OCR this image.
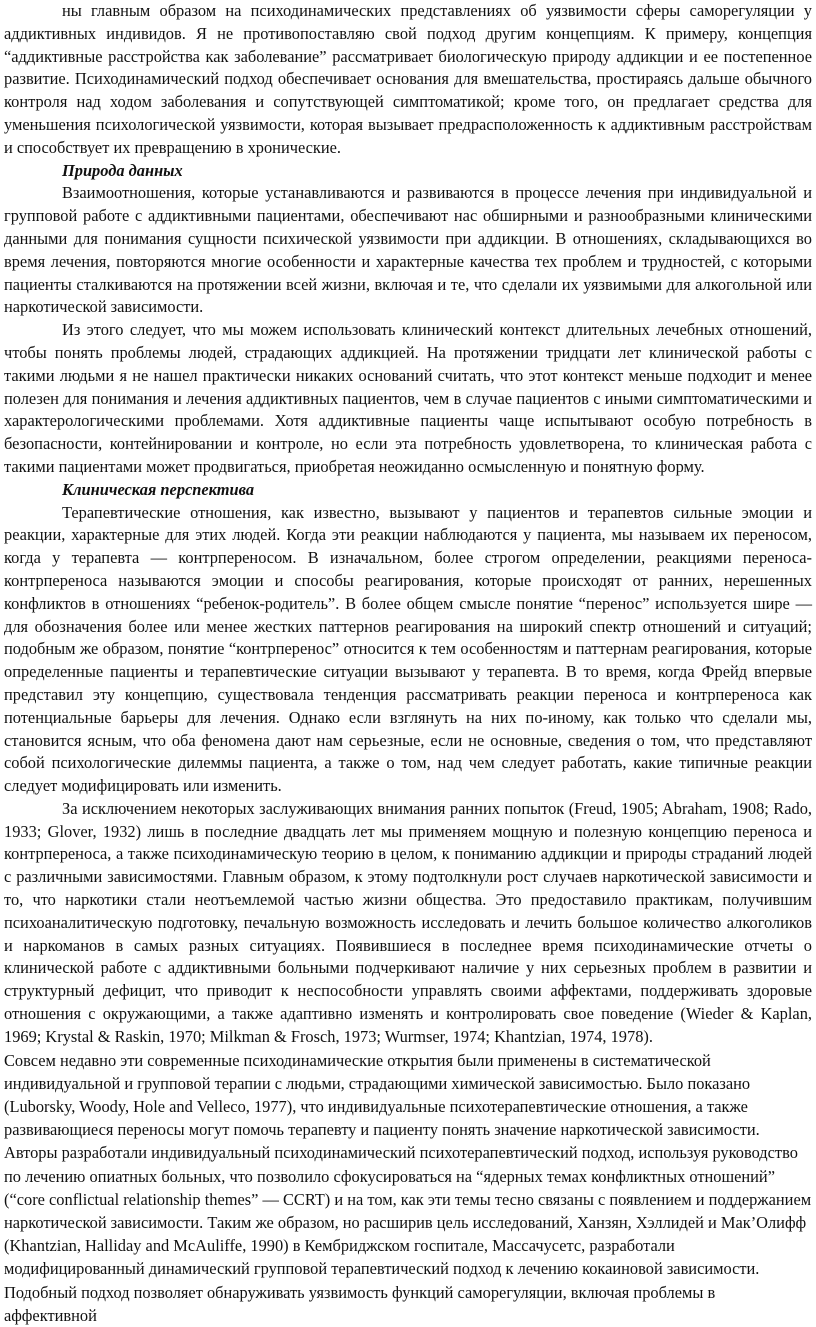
ны главным образом на психодинамических представлениях об уязвимости сферы саморегуляции у аддиктивных индивидов. Я не противопоставляю свой подход другим концепциям. К примеру, концепция “аддиктивные расстройства как заболевание” рассматривает биологическую природу аддикции и ее постепенное развитие. Психодинамический подход обеспечивает основания для вмешательства, простираясь дальше обычного контроля над ходом заболевания и сопутствующей симптоматикой; кроме того, он предлагает средства для уменьшения психологической уязвимости, которая вызывает предрасположенность к аддиктивным расстройствам и способствует их превращению в хронические.

Природа данных

Взаимоотношения, которые устанавливаются и развиваются в процессе лечения при индивидуальной и групповой работе с аддиктивными пациентами, обеспечивают нас обширными и разнообразными клиническими данными для понимания сущности психической уязвимости при аддикции. В отношениях, складывающихся во время лечения, повторяются многие особенности и характерные качества тех проблем и трудностей, с которыми пациенты сталкиваются на протяжении всей жизни, включая и те, что сделали их уязвимыми для алкогольной или наркотической зависимости.

Из этого следует, что мы можем использовать клинический контекст длительных лечебных отношений, чтобы понять проблемы людей, страдающих аддикцией. На протяжении тридцати лет клинической работы с такими людьми я не нашел практически никаких оснований считать, что этот контекст меньше подходит и менее полезен для понимания и лечения аддиктивных пациентов, чем в случае пациентов с иными симптоматическими и характерологическими проблемами. Хотя аддиктивные пациенты чаще испытывают особую потребность в безопасности, контейнировании и контроле, но если эта потребность удовлетворена, то клиническая работа с такими пациентами может продвигаться, приобретая неожиданно осмысленную и понятную форму.

Клиническая перспектива

Терапевтические отношения, как известно, вызывают у пациентов и терапевтов сильные эмоции и реакции, характерные для этих людей. Когда эти реакции наблюдаются у пациента, мы называем их переносом, когда у терапевта — контрпереносом. В изначальном, более строгом определении, реакциями переноса-контрпереноса называются эмоции и способы реагирования, которые происходят от ранних, нерешенных конфликтов в отношениях “ребенок-родитель”. В более общем смысле понятие “перенос” используется шире — для обозначения более или менее жестких паттернов реагирования на широкий спектр отношений и ситуаций; подобным же образом, понятие “контрперенос” относится к тем особенностям и паттернам реагирования, которые определенные пациенты и терапевтические ситуации вызывают у терапевта. В то время, когда Фрейд впервые представил эту концепцию, существовала тенденция рассматривать реакции переноса и контрпереноса как потенциальные барьеры для лечения. Однако если взглянуть на них по-иному, как только что сделали мы, становится ясным, что оба феномена дают нам серьезные, если не основные, сведения о том, что представляют собой психологические дилеммы пациента, а также о том, над чем следует работать, какие типичные реакции следует модифицировать или изменить.

За исключением некоторых заслуживающих внимания ранних попыток (Freud, 1905; Abraham, 1908; Rado, 1933; Glover, 1932) лишь в последние двадцать лет мы применяем мощную и полезную концепцию переноса и контрпереноса, а также психодинамическую теорию в целом, к пониманию аддикции и природы страданий людей с различными зависимостями. Главным образом, к этому подтолкнули рост случаев наркотической зависимости и то, что наркотики стали неотъемлемой частью жизни общества. Это предоставило практикам, получившим психоаналитическую подготовку, печальную возможность исследовать и лечить большое количество алкоголиков и наркоманов в самых разных ситуациях. Появившиеся в последнее время психодинамические отчеты о клинической работе с аддиктивными больными подчеркивают наличие у них серьезных проблем в развитии и структурный дефицит, что приводит к неспособности управлять своими аффектами, поддерживать здоровые отношения с окружающими, а также адаптивно изменять и контролировать свое поведение (Wieder & Kaplan, 1969; Krystal & Raskin, 1970; Milkman & Frosch, 1973; Wurmser, 1974; Khantzian, 1974, 1978).

Совсем недавно эти современные психодинамические открытия были применены в систематической индивидуальной и групповой терапии с людьми, страдающими химической зависимостью. Было показано (Luborsky, Woody, Hole and Velleco, 1977), что индивидуальные психотерапевтические отношения, а также развивающиеся переносы могут помочь терапевту и пациенту понять значение наркотической зависимости. Авторы разработали индивидуальный психодинамический психотерапевтический подход, используя руководство по лечению опиатных больных, что позволило сфокусироваться на “ядерных темах конфликтных отношений” (“core conflictual relationship themes” — CCRT) и на том, как эти темы тесно связаны с появлением и поддержанием наркотической зависимости. Таким же образом, но расширив цель исследований, Ханзян, Хэллидей и Мак’Олифф (Khantzian, Halliday and McAuliffe, 1990) в Кембриджском госпитале, Массачусетс, разработали модифицированный динамический групповой терапевтический подход к лечению кокаиновой зависимости. Подобный подход позволяет обнаруживать уязвимость функций саморегуляции, включая проблемы в аффективной
